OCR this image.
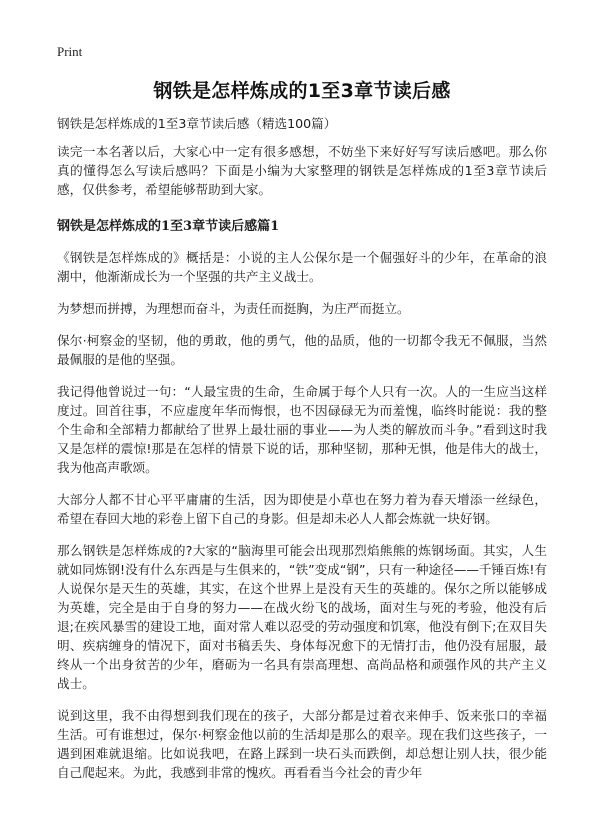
Print
钢铁是怎样炼成的1至3章节读后感

钢铁是怎样炼成的1至3章节读后感（精选100篇）

读完一本名著以后，大家心中一定有很多感想，不妨坐下来好好写写读后感吧。那么你真的懂得怎么写读后感吗？下面是小编为大家整理的钢铁是怎样炼成的1至3章节读后感，仅供参考，希望能够帮助到大家。

钢铁是怎样炼成的1至3章节读后感篇1

《钢铁是怎样炼成的》概括是：小说的主人公保尔是一个倔强好斗的少年，在革命的浪潮中，他渐渐成长为一个坚强的共产主义战士。

为梦想而拼搏，为理想而奋斗，为责任而挺胸，为庄严而挺立。

保尔·柯察金的坚韧，他的勇敢，他的勇气，他的品质，他的一切都令我无不佩服，当然最佩服的是他的坚强。

我记得他曾说过一句：“人最宝贵的生命，生命属于每个人只有一次。人的一生应当这样度过。回首往事，不应虚度年华而悔恨，也不因碌碌无为而羞愧，临终时能说：我的整个生命和全部精力都献给了世界上最壮丽的事业——为人类的解放而斗争。”看到这时我又是怎样的震惊!那是在怎样的情景下说的话，那种坚韧，那种无惧，他是伟大的战士，我为他高声歌颂。

大部分人都不甘心平平庸庸的生活，因为即使是小草也在努力着为春天增添一丝绿色，希望在春回大地的彩卷上留下自己的身影。但是却未必人人都会炼就一块好钢。

那么钢铁是怎样炼成的?大家的“脑海里可能会出现那烈焰熊熊的炼钢场面。其实，人生就如同炼钢!没有什么东西是与生俱来的，“铁”变成“钢”，只有一种途径——千锤百炼!有人说保尔是天生的英雄，其实，在这个世界上是没有天生的英雄的。保尔之所以能够成为英雄，完全是由于自身的努力——在战火纷飞的战场，面对生与死的考验，他没有后退;在疾风暴雪的建设工地，面对常人难以忍受的劳动强度和饥寒，他没有倒下;在双目失明、疾病缠身的情况下，面对书稿丢失、身体每况愈下的无情打击，他仍没有屈服，最终从一个出身贫苦的少年，磨砺为一名具有崇高理想、高尚品格和顽强作风的共产主义战士。

说到这里，我不由得想到我们现在的孩子，大部分都是过着衣来伸手、饭来张口的幸福生活。可有谁想过，保尔·柯察金他以前的生活却是那么的艰辛。现在我们这些孩子，一遇到困难就退缩。比如说我吧，在路上踩到一块石头而跌倒，却总想让别人扶，很少能自己爬起来。为此，我感到非常的愧疚。再看看当今社会的青少年
